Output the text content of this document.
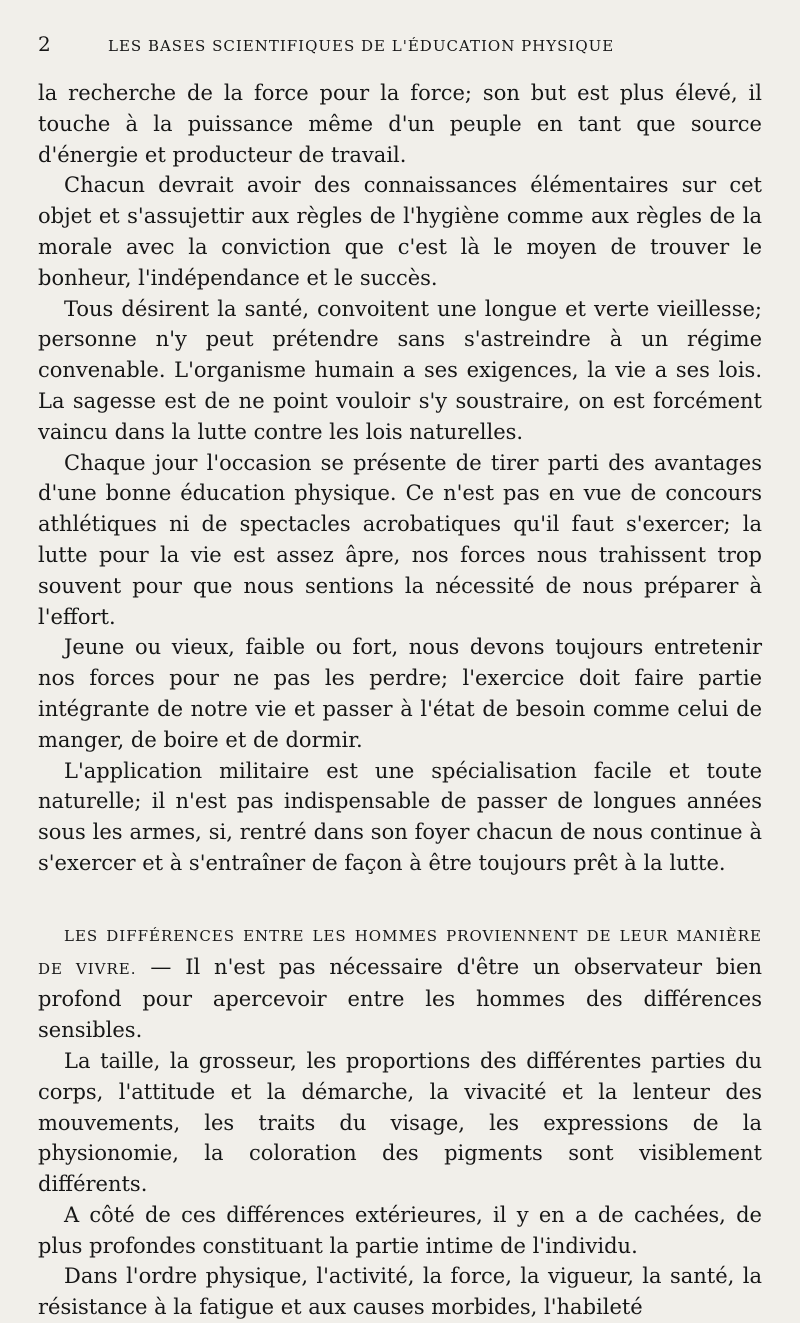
2	LES BASES SCIENTIFIQUES DE L'ÉDUCATION PHYSIQUE

la recherche de la force pour la force; son but est plus élevé, il touche à la puissance même d'un peuple en tant que source d'énergie et producteur de travail.

Chacun devrait avoir des connaissances élémentaires sur cet objet et s'assujettir aux règles de l'hygiène comme aux règles de la morale avec la conviction que c'est là le moyen de trouver le bonheur, l'indépendance et le succès.

Tous désirent la santé, convoitent une longue et verte vieillesse; personne n'y peut prétendre sans s'astreindre à un régime convenable. L'organisme humain a ses exigences, la vie a ses lois. La sagesse est de ne point vouloir s'y soustraire, on est forcément vaincu dans la lutte contre les lois naturelles.

Chaque jour l'occasion se présente de tirer parti des avantages d'une bonne éducation physique. Ce n'est pas en vue de concours athlétiques ni de spectacles acrobatiques qu'il faut s'exercer; la lutte pour la vie est assez âpre, nos forces nous trahissent trop souvent pour que nous sentions la nécessité de nous préparer à l'effort.

Jeune ou vieux, faible ou fort, nous devons toujours entretenir nos forces pour ne pas les perdre; l'exercice doit faire partie intégrante de notre vie et passer à l'état de besoin comme celui de manger, de boire et de dormir.

L'application militaire est une spécialisation facile et toute naturelle; il n'est pas indispensable de passer de longues années sous les armes, si, rentré dans son foyer chacun de nous continue à s'exercer et à s'entraîner de façon à être toujours prêt à la lutte.

LES DIFFÉRENCES ENTRE LES HOMMES PROVIENNENT DE LEUR MANIÈRE DE VIVRE. — Il n'est pas nécessaire d'être un observateur bien profond pour apercevoir entre les hommes des différences sensibles.

La taille, la grosseur, les proportions des différentes parties du corps, l'attitude et la démarche, la vivacité et la lenteur des mouvements, les traits du visage, les expressions de la physionomie, la coloration des pigments sont visiblement différents.

A côté de ces différences extérieures, il y en a de cachées, de plus profondes constituant la partie intime de l'individu.

Dans l'ordre physique, l'activité, la force, la vigueur, la santé, la résistance à la fatigue et aux causes morbides, l'habileté
